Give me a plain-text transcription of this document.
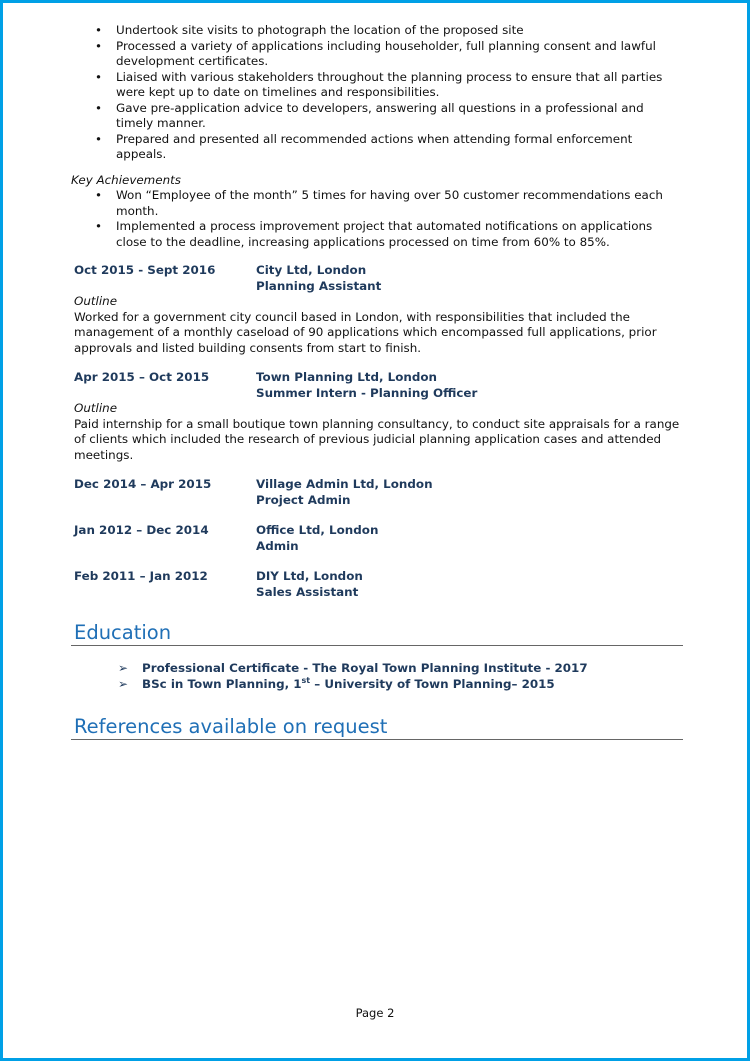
• Undertook site visits to photograph the location of the proposed site
• Processed a variety of applications including householder, full planning consent and lawful development certificates.
• Liaised with various stakeholders throughout the planning process to ensure that all parties were kept up to date on timelines and responsibilities.
• Gave pre-application advice to developers, answering all questions in a professional and timely manner.
• Prepared and presented all recommended actions when attending formal enforcement appeals.
Key Achievements
• Won “Employee of the month” 5 times for having over 50 customer recommendations each month.
• Implemented a process improvement project that automated notifications on applications close to the deadline, increasing applications processed on time from 60% to 85%.
Oct 2015 - Sept 2016	City Ltd, London
Planning Assistant
Outline
Worked for a government city council based in London, with responsibilities that included the management of a monthly caseload of 90 applications which encompassed full applications, prior approvals and listed building consents from start to finish.
Apr 2015 – Oct 2015	Town Planning Ltd, London
Summer Intern - Planning Officer
Outline
Paid internship for a small boutique town planning consultancy, to conduct site appraisals for a range of clients which included the research of previous judicial planning application cases and attended meetings.
Dec 2014 – Apr 2015	Village Admin Ltd, London
Project Admin
Jan 2012 – Dec 2014	Office Ltd, London
Admin
Feb 2011 – Jan 2012	DIY Ltd, London
Sales Assistant
Education
➢ Professional Certificate - The Royal Town Planning Institute - 2017
➢ BSc in Town Planning, 1st – University of Town Planning– 2015
References available on request
Page 2
